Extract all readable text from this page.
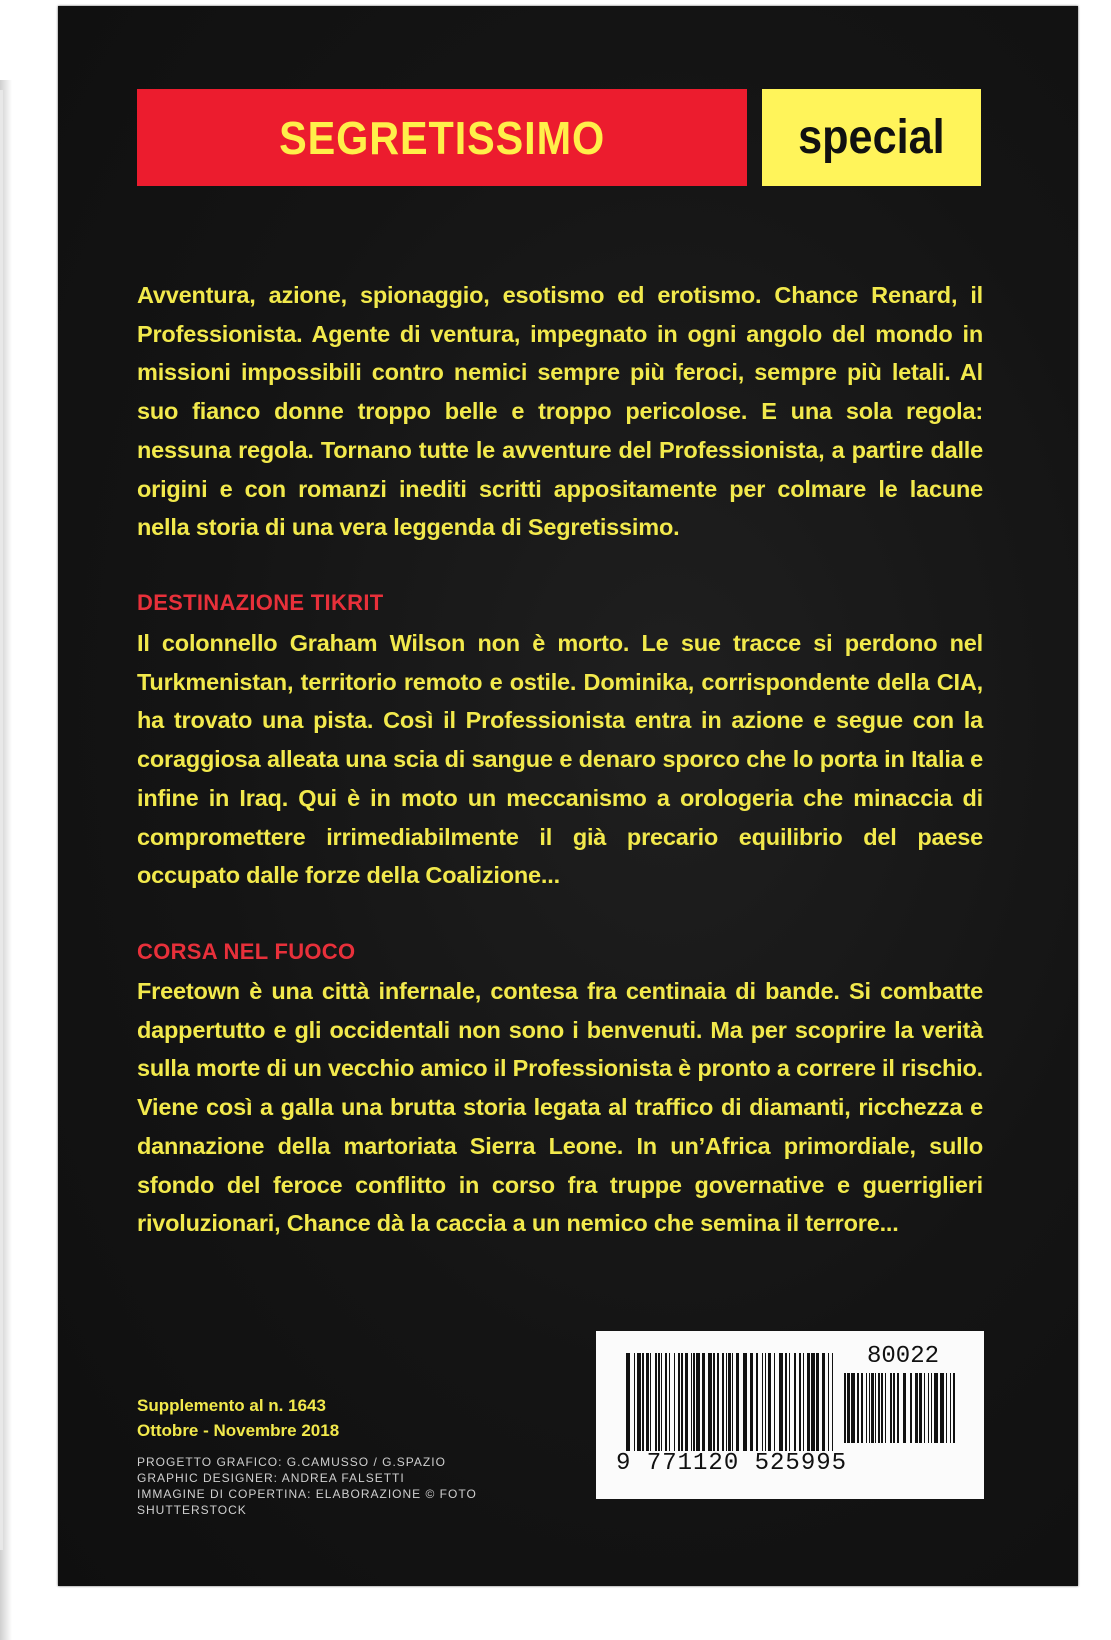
SEGRETISSIMO	special
Avventura, azione, spionaggio, esotismo ed erotismo. Chance Renard, il Professionista. Agente di ventura, impegnato in ogni angolo del mondo in missioni impossibili contro nemici sempre più feroci, sempre più letali. Al suo fianco donne troppo belle e troppo pericolose. E una sola regola: nessuna regola. Tornano tutte le avventure del Professionista, a partire dalle origini e con romanzi inediti scritti appositamente per colmare le lacune nella storia di una vera leggenda di Segretissimo.
DESTINAZIONE TIKRIT
Il colonnello Graham Wilson non è morto. Le sue tracce si perdono nel Turkmenistan, territorio remoto e ostile. Dominika, corrispondente della CIA, ha trovato una pista. Così il Professionista entra in azione e segue con la coraggiosa alleata una scia di sangue e denaro sporco che lo porta in Italia e infine in Iraq. Qui è in moto un meccanismo a orologeria che minaccia di compromettere irrimediabilmente il già precario equilibrio del paese occupato dalle forze della Coalizione...
CORSA NEL FUOCO
Freetown è una città infernale, contesa fra centinaia di bande. Si combatte dappertutto e gli occidentali non sono i benvenuti. Ma per scoprire la verità sulla morte di un vecchio amico il Professionista è pronto a correre il rischio. Viene così a galla una brutta storia legata al traffico di diamanti, ricchezza e dannazione della martoriata Sierra Leone. In un’Africa primordiale, sullo sfondo del feroce conflitto in corso fra truppe governative e guerriglieri rivoluzionari, Chance dà la caccia a un nemico che semina il terrore...
Supplemento al n. 1643
Ottobre - Novembre 2018
PROGETTO GRAFICO: G.CAMUSSO / G.SPAZIO
GRAPHIC DESIGNER: ANDREA FALSETTI
IMMAGINE DI COPERTINA: ELABORAZIONE © FOTO
SHUTTERSTOCK
80022
9 771120 525995
